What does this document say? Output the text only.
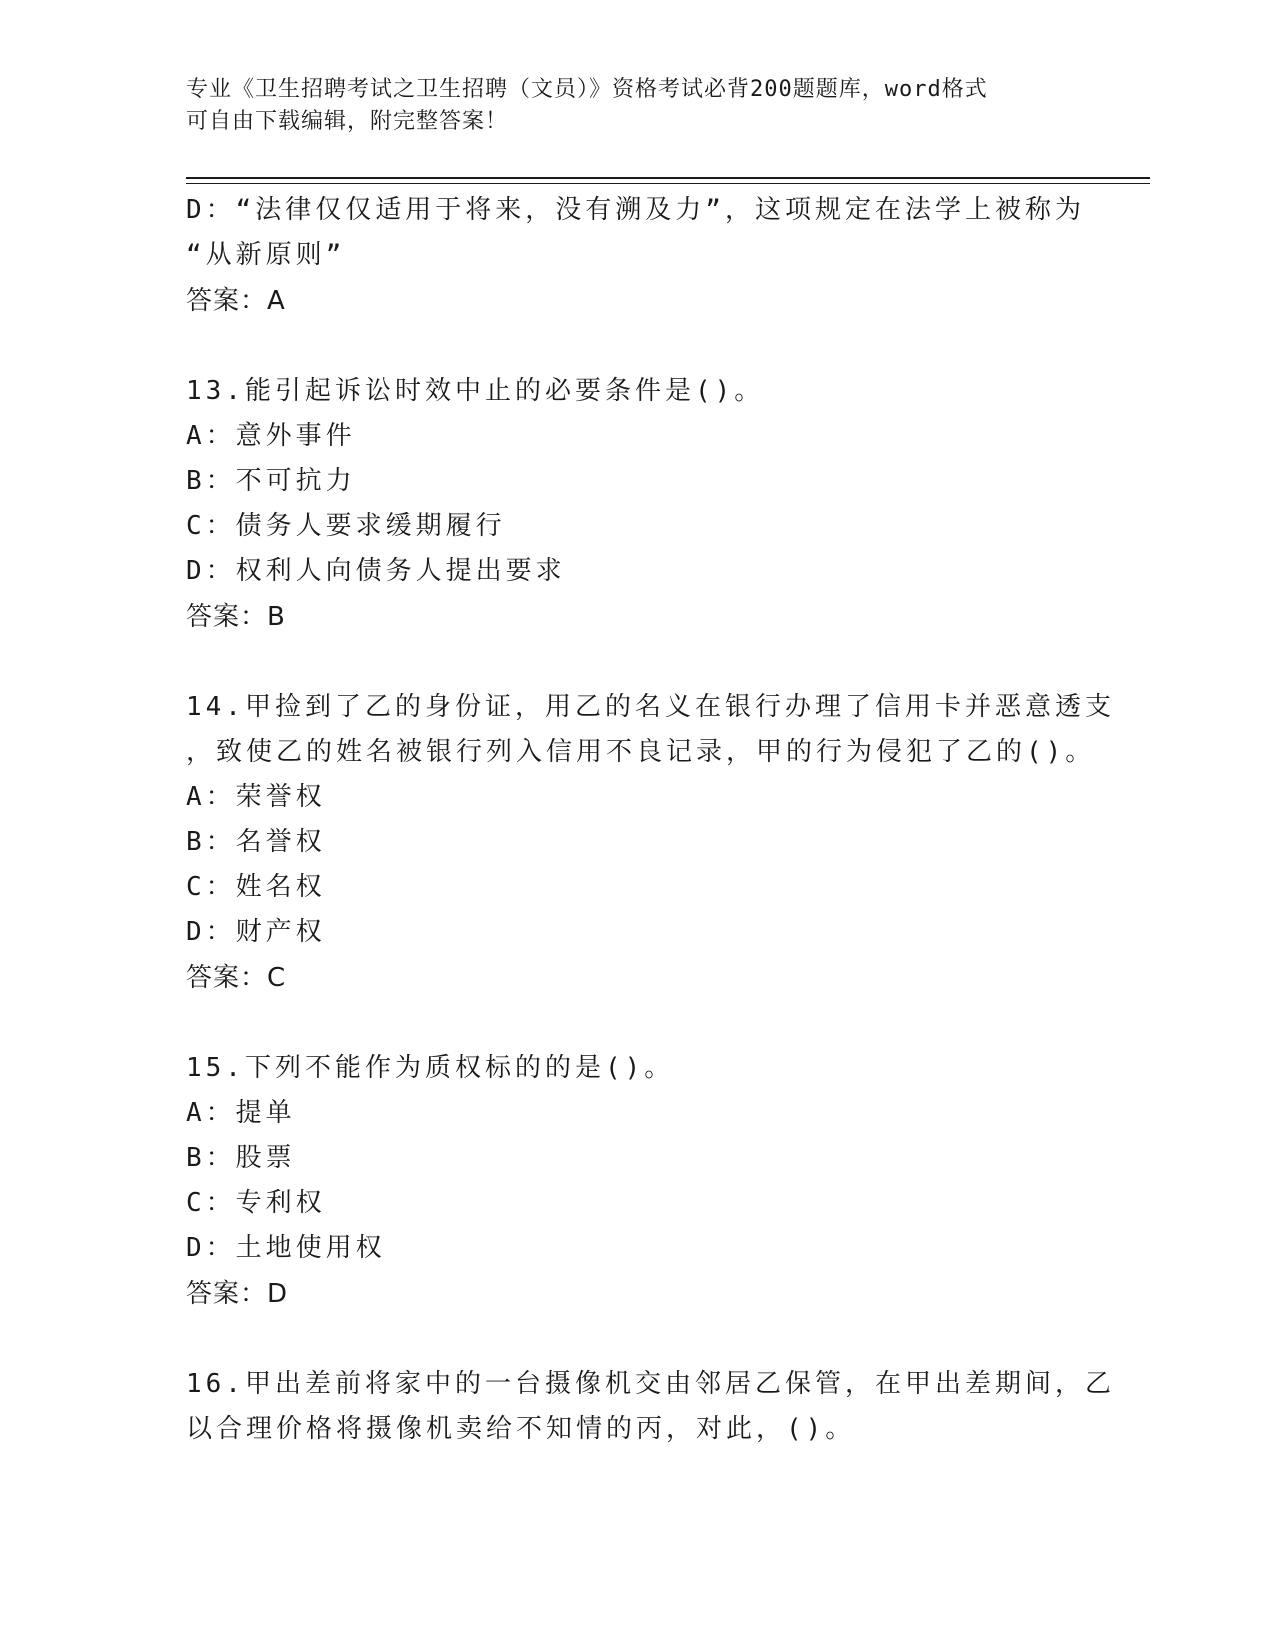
专业《卫生招聘考试之卫生招聘（文员）》资格考试必背200题题库，word格式
可自由下载编辑，附完整答案！
D：“法律仅仅适用于将来，没有溯及力”，这项规定在法学上被称为
“从新原则”
答案：A
13.能引起诉讼时效中止的必要条件是()。
A：意外事件
B：不可抗力
C：债务人要求缓期履行
D：权利人向债务人提出要求
答案：B
14.甲捡到了乙的身份证，用乙的名义在银行办理了信用卡并恶意透支
，致使乙的姓名被银行列入信用不良记录，甲的行为侵犯了乙的()。
A：荣誉权
B：名誉权
C：姓名权
D：财产权
答案：C
15.下列不能作为质权标的的是()。
A：提单
B：股票
C：专利权
D：土地使用权
答案：D
16.甲出差前将家中的一台摄像机交由邻居乙保管，在甲出差期间，乙
以合理价格将摄像机卖给不知情的丙，对此，()。
